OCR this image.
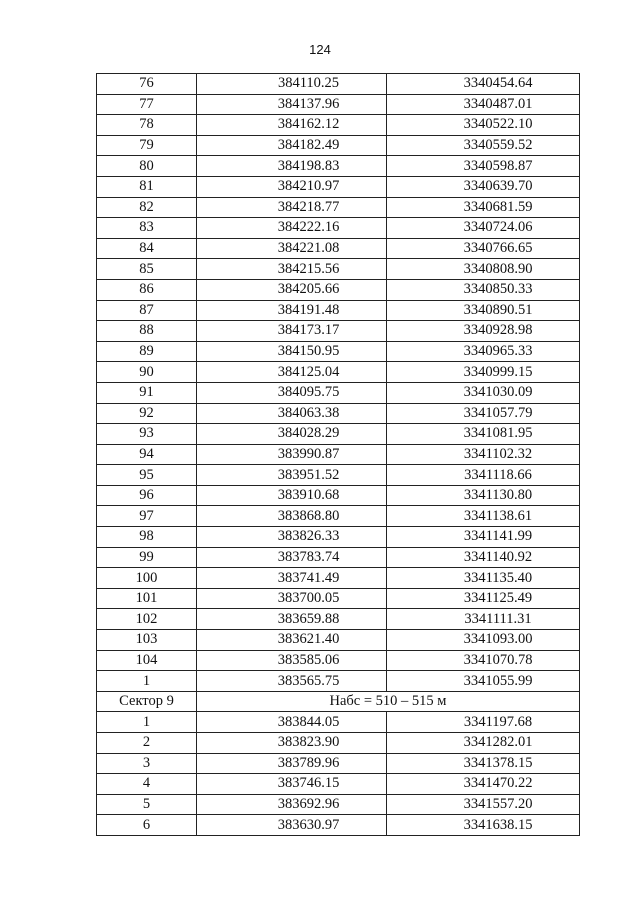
124
76	384110.25	3340454.64
77	384137.96	3340487.01
78	384162.12	3340522.10
79	384182.49	3340559.52
80	384198.83	3340598.87
81	384210.97	3340639.70
82	384218.77	3340681.59
83	384222.16	3340724.06
84	384221.08	3340766.65
85	384215.56	3340808.90
86	384205.66	3340850.33
87	384191.48	3340890.51
88	384173.17	3340928.98
89	384150.95	3340965.33
90	384125.04	3340999.15
91	384095.75	3341030.09
92	384063.38	3341057.79
93	384028.29	3341081.95
94	383990.87	3341102.32
95	383951.52	3341118.66
96	383910.68	3341130.80
97	383868.80	3341138.61
98	383826.33	3341141.99
99	383783.74	3341140.92
100	383741.49	3341135.40
101	383700.05	3341125.49
102	383659.88	3341111.31
103	383621.40	3341093.00
104	383585.06	3341070.78
1	383565.75	3341055.99
Сектор 9	Набс = 510 – 515 м	
1	383844.05	3341197.68
2	383823.90	3341282.01
3	383789.96	3341378.15
4	383746.15	3341470.22
5	383692.96	3341557.20
6	383630.97	3341638.15
